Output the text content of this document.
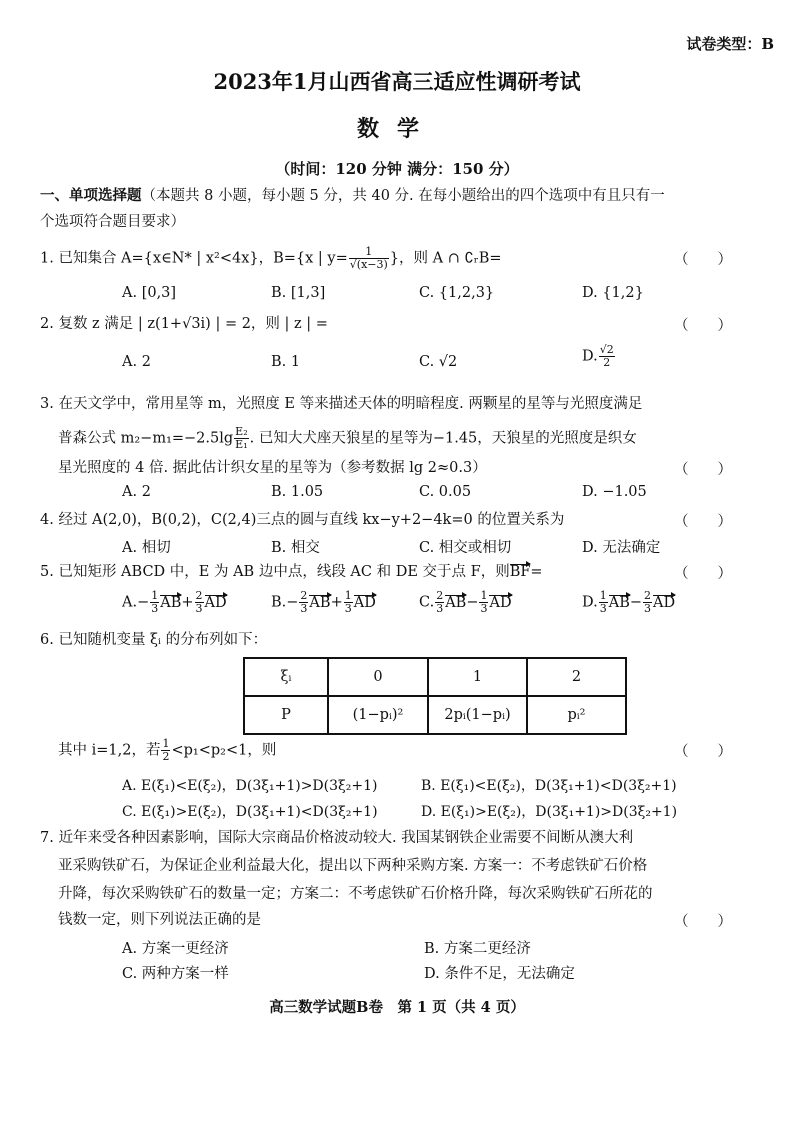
试卷类型：B
2023年1月山西省高三适应性调研考试
数学
（时间：120 分钟 满分：150 分）
一、单项选择题（本题共 8 小题，每小题 5 分，共 40 分. 在每小题给出的四个选项中有且只有一
个选项符合题目要求）
1. 已知集合 A={x∈N* | x²<4x}，B={x | $y= \frac{1}{√(x-3)}$ }，则 A ∩ ∁ᵣB=	（　　）
A. [0,3]	B. [1,3]	C. {1,2,3}	D. {1,2}
2. 复数 z 满足 | z(1+√3i) | = 2，则 | z | =	（　　）
A. 2	B. 1	C. √2	D. $\frac{√2}{2}$
3. 在天文学中，常用星等 m，光照度 E 等来描述天体的明暗程度. 两颗星的星等与光照度满足
普森公式 $m_2-m_1=-2.5\lg \frac{\text{E₂}}{\text{E₁}}$ . 已知大犬座天狼星的星等为−1.45，天狼星的光照度是织女
星光照度的 4 倍. 据此估计织女星的星等为（参考数据 lg 2≈0.3）	（　　）
A. 2	B. 1.05	C. 0.05	D. −1.05
4. 经过 A(2,0)，B(0,2)，C(2,4)三点的圆与直线 kx−y+2−4k=0 的位置关系为	（　　）
A. 相切	B. 相交	C. 相交或相切	D. 无法确定
5. 已知矩形 ABCD 中，E 为 AB 边中点，线段 AC 和 DE 交于点 F，则BF=	（　　）
$A.- \frac{1}{3} AB+ \frac{2}{3}$ AD	$B.- \frac{2}{3} AB+ \frac{1}{3}$ AD	C. $\frac{2}{3} AB- \frac{1}{3}$ AD	D. $\frac{1}{3} AB- \frac{2}{3}$ AD
6. 已知随机变量 ξᵢ 的分布列如下：
ξᵢ	0	1	2
P	(1−pᵢ)²	2pᵢ(1−pᵢ)	pᵢ²
其中 i=1,2，若 $\frac{1}{2} <p_1<p_2<1$，则	（　　）
A. E(ξ₁)<E(ξ₂)，D(3ξ₁+1)>D(3ξ₂+1)	B. E(ξ₁)<E(ξ₂)，D(3ξ₁+1)<D(3ξ₂+1)
C. E(ξ₁)>E(ξ₂)，D(3ξ₁+1)<D(3ξ₂+1)	D. E(ξ₁)>E(ξ₂)，D(3ξ₁+1)>D(3ξ₂+1)
7. 近年来受各种因素影响，国际大宗商品价格波动较大. 我国某钢铁企业需要不间断从澳大利
亚采购铁矿石，为保证企业利益最大化，提出以下两种采购方案. 方案一：不考虑铁矿石价格
升降，每次采购铁矿石的数量一定；方案二：不考虑铁矿石价格升降，每次采购铁矿石所花的
钱数一定，则下列说法正确的是	（　　）
A. 方案一更经济	B. 方案二更经济
C. 两种方案一样	D. 条件不足，无法确定
高三数学试题B卷　第 1 页（共 4 页）
